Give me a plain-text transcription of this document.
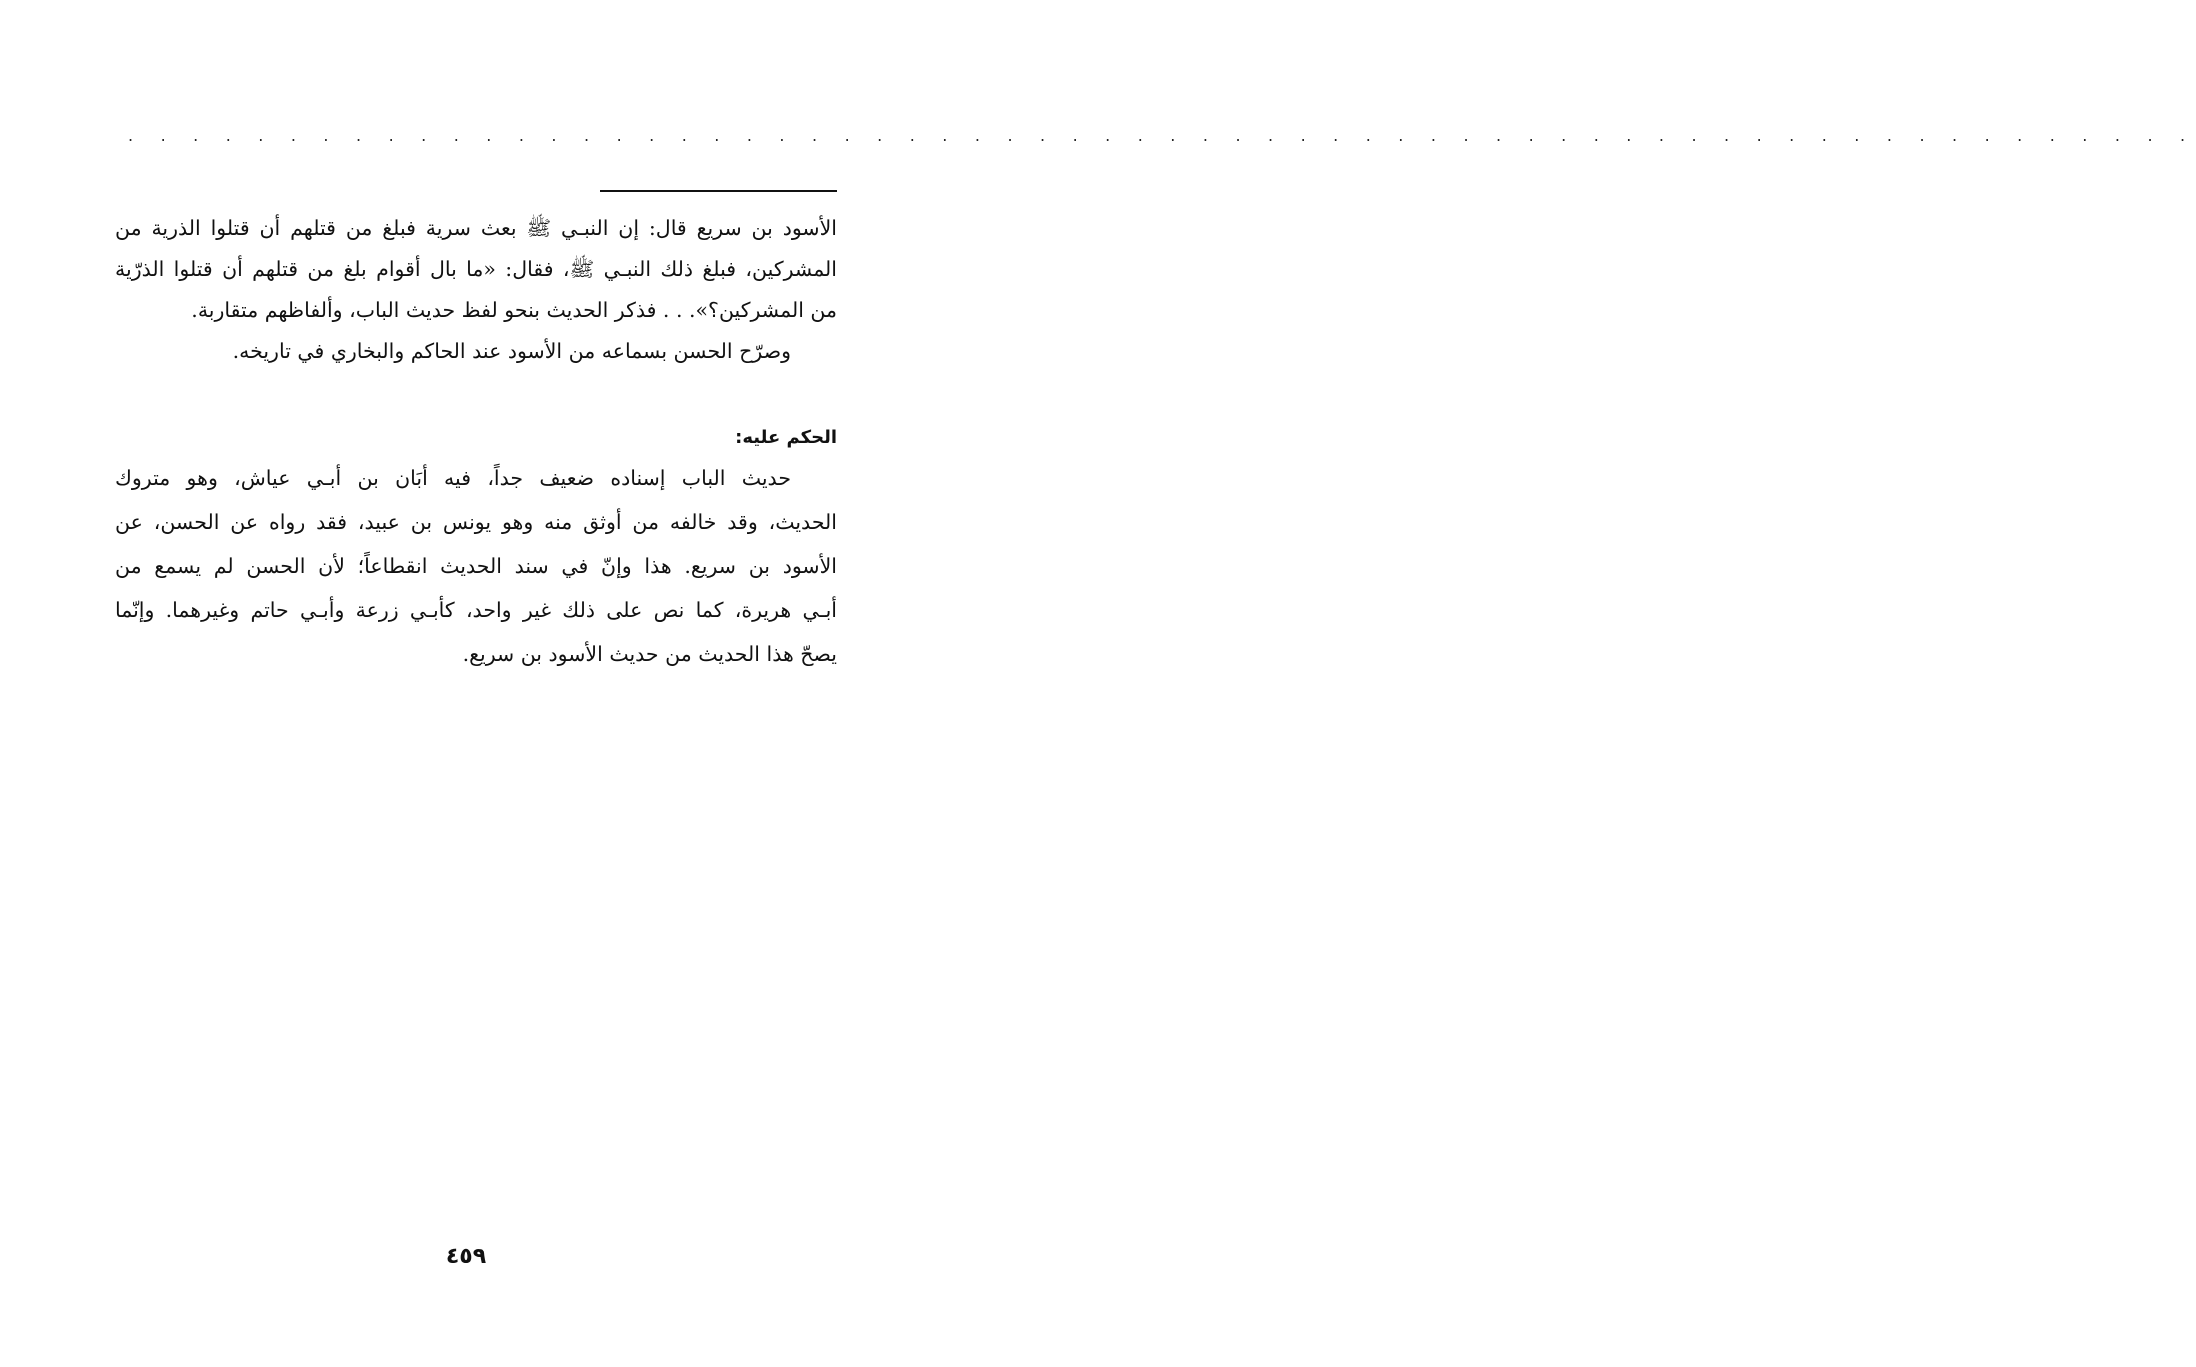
. . . . . . . . . . . . . . . . . . . . . . . . . . . . . . . . . . . . . . . . . . . . . . . . . . . . . . . . . . . . . . . .
الأسود بن سريع قال: إن النبـي ﷺ بعث سرية فبلغ من قتلهم أن قتلوا الذرية من
المشركين، فبلغ ذلك النبـي ﷺ، فقال: «ما بال أقوام بلغ من قتلهم أن قتلوا الذرّية
من المشركين؟». . . فذكر الحديث بنحو لفظ حديث الباب، وألفاظهم متقاربة.
وصرّح الحسن بسماعه من الأسود عند الحاكم والبخاري في تاريخه.
الحكم عليه:
حديث الباب إسناده ضعيف جداً، فيه أبَان بن أبـي عياش، وهو متروك
الحديث، وقد خالفه من أوثق منه وهو يونس بن عبيد، فقد رواه عن الحسن، عن
الأسود بن سريع. هذا وإنّ في سند الحديث انقطاعاً؛ لأن الحسن لم يسمع من
أبـي هريرة، كما نص على ذلك غير واحد، كأبـي زرعة وأبـي حاتم وغيرهما. وإنّما
يصحّ هذا الحديث من حديث الأسود بن سريع.
٤٥٩
